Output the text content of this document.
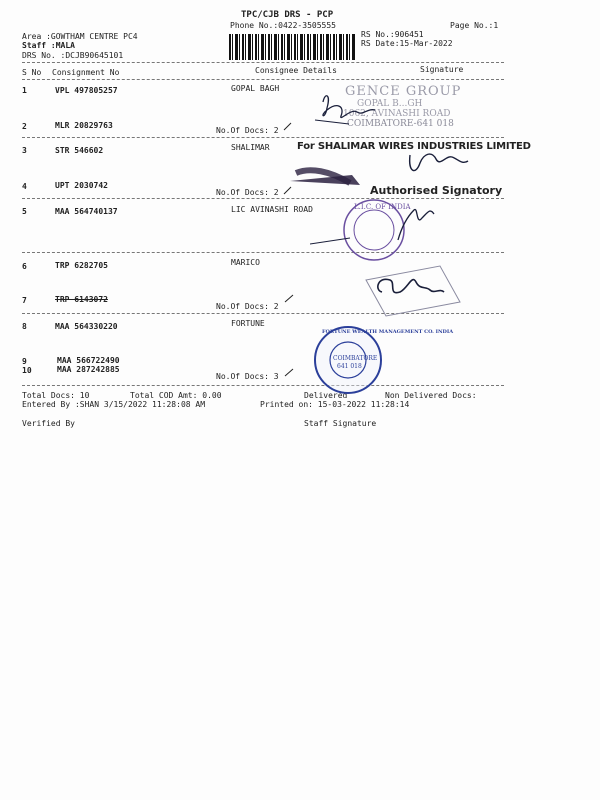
TPC/CJB DRS - PCP
Phone No.:0422-3505555	Page No.:1
Area :GOWTHAM CENTRE PC4
Staff :MALA
RS No.:906451
RS Date:15-Mar-2022
DRS No. :DCJB90645101
S No Consignment No	Consignee Details	Signature
1	VPL 497805257	GOPAL BAGH
2	MLR 20829763
No.Of Docs: 2
3	STR 546602	SHALIMAR
4	UPT 2030742
No.Of Docs: 2
5	MAA 564740137	LIC AVINASHI ROAD
6	TRP 6282705	MARICO
7	TRP 6143072
No.Of Docs: 2
8	MAA 564330220	FORTUNE
9	MAA 566722490
10	MAA 287242885
No.Of Docs: 3
Total Docs: 10	Total COD Amt: 0.00	Delivered	Non Delivered Docs:
Entered By :SHAN 3/15/2022 11:28:08 AM	Printed on: 15-03-2022 11:28:14
Verified By	Staff Signature
GENCE GROUP
GOPAL B...GH
1062, AVINASHI ROAD
COIMBATORE-641 018
For SHALIMAR WIRES INDUSTRIES LIMITED
Authorised Signatory
L.I.C. OF INDIA
FORTUNE WEALTH MANAGEMENT CO. INDIA
COIMBATORE
641 018
